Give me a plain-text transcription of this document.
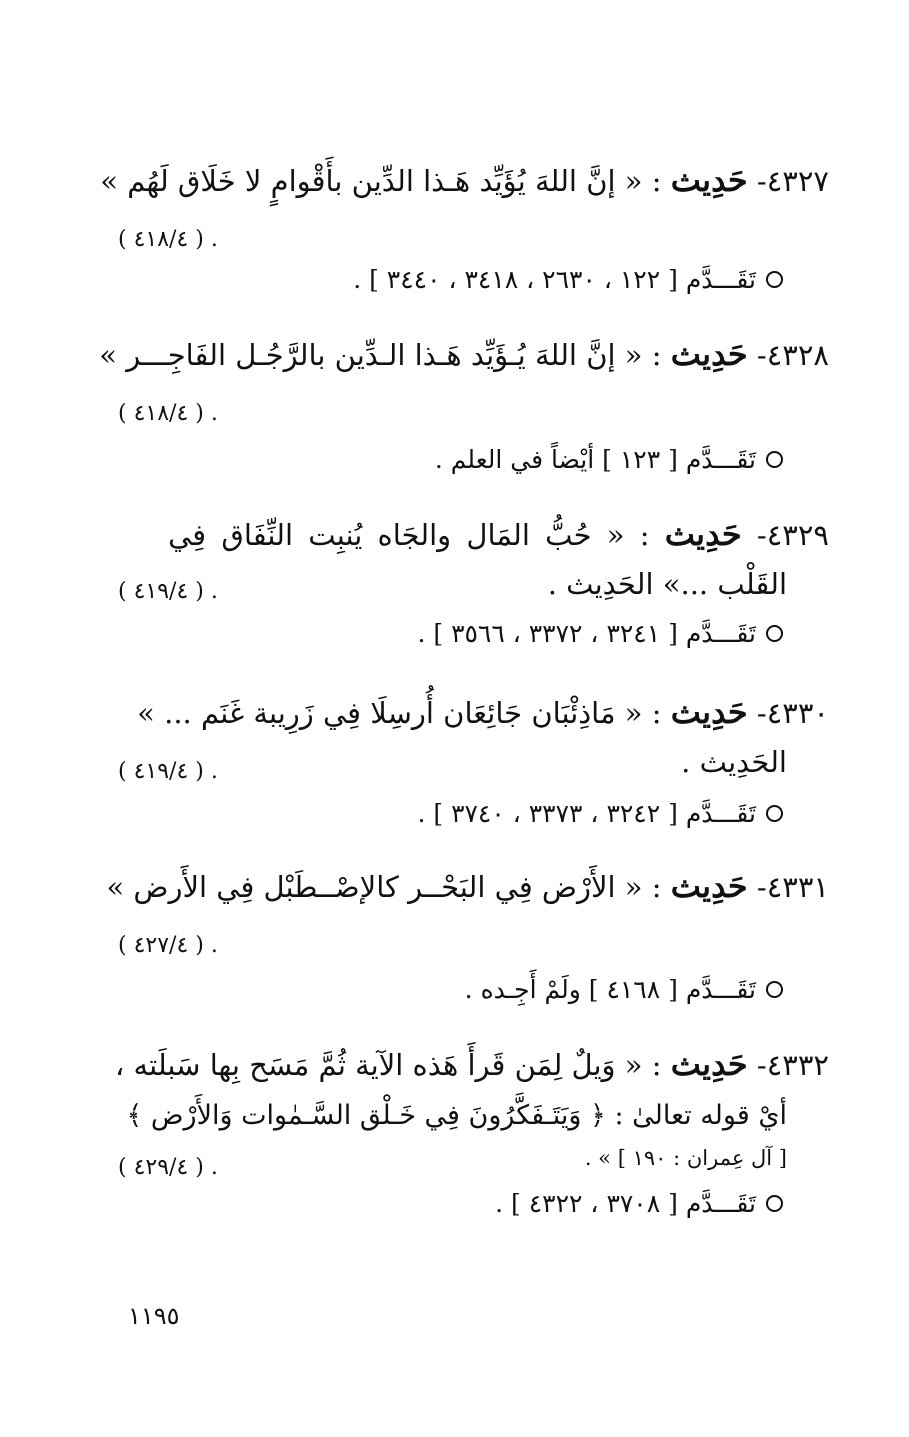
٤٣٢٧- حَدِيث : « إنَّ اللهَ يُؤَيِّد هَـذا الدِّين بأَقْوامٍ لا خَلَاق لَهُم »
. ( ٤١٨/٤ )
تَقَـــدَّم [ ١٢٢ ، ٢٦٣٠ ، ٣٤١٨ ، ٣٤٤٠ ] .
٤٣٢٨- حَدِيث : « إنَّ اللهَ يُـؤَيِّد هَـذا الـدِّين بالرَّجُـل الفَاجِـــر »
. ( ٤١٨/٤ )
تَقَـــدَّم [ ١٢٣ ] أيْضاً في العلم .
٤٣٢٩- حَدِيث : « حُبُّ المَال والجَاه يُنبِت النِّفَاق فِي
القَلْب ...» الحَدِيث .
. ( ٤١٩/٤ )
تَقَـــدَّم [ ٣٢٤١ ، ٣٣٧٢ ، ٣٥٦٦ ] .
٤٣٣٠- حَدِيث : « مَاذِئْبَان جَائِعَان أُرسِلَا فِي زَرِيبة غَنَم ... »
الحَدِيث .
. ( ٤١٩/٤ )
تَقَـــدَّم [ ٣٢٤٢ ، ٣٣٧٣ ، ٣٧٤٠ ] .
٤٣٣١- حَدِيث : « الأَرْض فِي البَحْــر كالإصْــطَبْل فِي الأَرض »
. ( ٤٢٧/٤ )
تَقَـــدَّم [ ٤١٦٨ ] ولَمْ أَجِـده .
٤٣٣٢- حَدِيث : « وَيلٌ لِمَن قَرأَ هَذه الآية ثُمَّ مَسَح بِها سَبلَته ،
أيْ قوله تعالىٰ : ﴿ وَيَتَـفَكَّرُونَ فِي خَـلْق السَّـمٰوات وَالأَرْض ﴾
[ آل عِمران : ١٩٠ ] » .
. ( ٤٢٩/٤ )
تَقَـــدَّم [ ٣٧٠٨ ، ٤٣٢٢ ] .
١١٩٥
